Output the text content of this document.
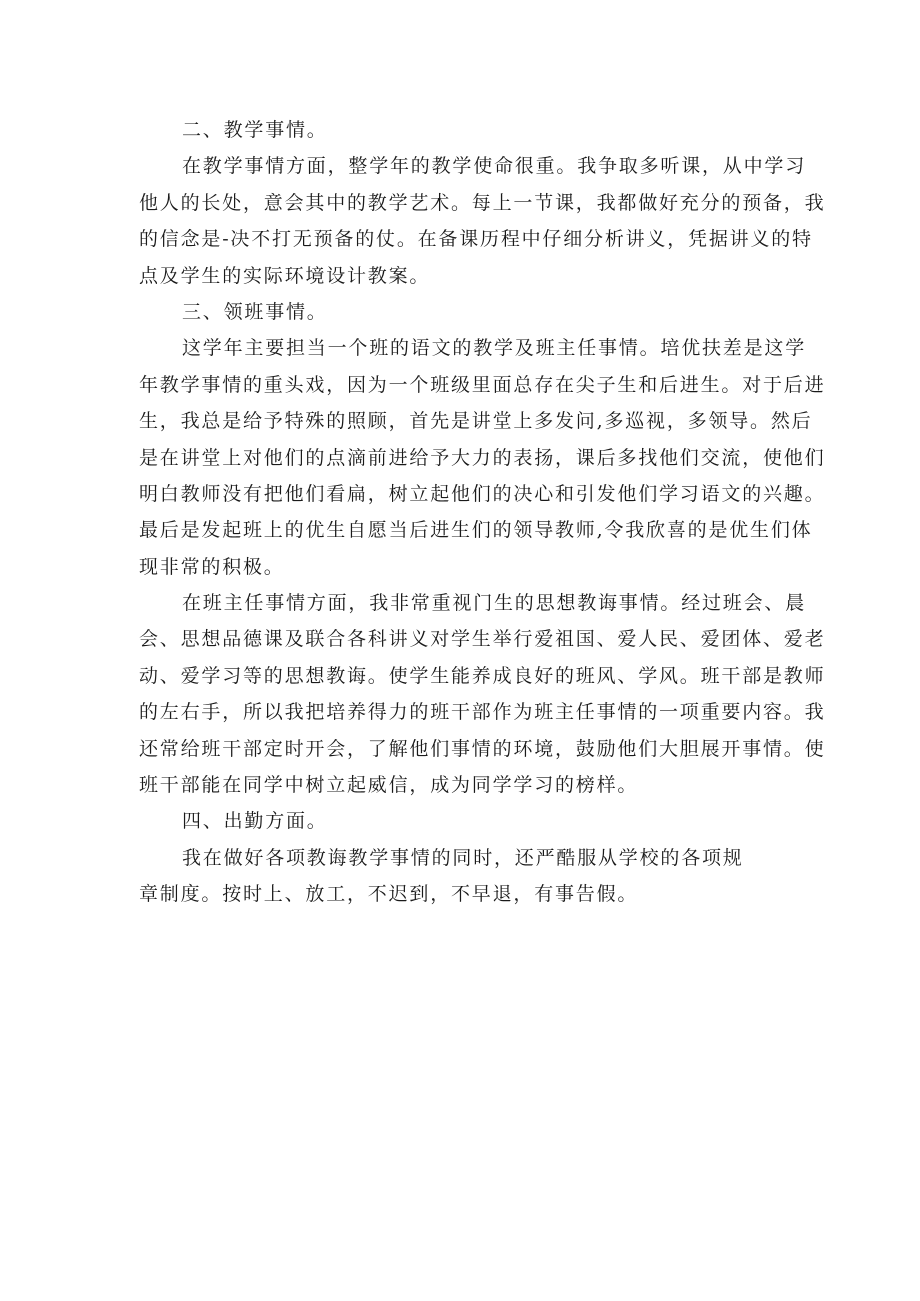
二、教学事情。
在教学事情方面，整学年的教学使命很重。我争取多听课，从中学习
他人的长处，意会其中的教学艺术。每上一节课，我都做好充分的预备，我
的信念是-决不打无预备的仗。在备课历程中仔细分析讲义，凭据讲义的特
点及学生的实际环境设计教案。
三、领班事情。
这学年主要担当一个班的语文的教学及班主任事情。培优扶差是这学
年教学事情的重头戏，因为一个班级里面总存在尖子生和后进生。对于后进
生，我总是给予特殊的照顾，首先是讲堂上多发问,多巡视，多领导。然后
是在讲堂上对他们的点滴前进给予大力的表扬，课后多找他们交流，使他们
明白教师没有把他们看扁，树立起他们的决心和引发他们学习语文的兴趣。
最后是发起班上的优生自愿当后进生们的领导教师,令我欣喜的是优生们体
现非常的积极。
在班主任事情方面，我非常重视门生的思想教诲事情。经过班会、晨
会、思想品德课及联合各科讲义对学生举行爱祖国、爱人民、爱团体、爱老
动、爱学习等的思想教诲。使学生能养成良好的班风、学风。班干部是教师
的左右手，所以我把培养得力的班干部作为班主任事情的一项重要内容。我
还常给班干部定时开会，了解他们事情的环境，鼓励他们大胆展开事情。使
班干部能在同学中树立起威信，成为同学学习的榜样。
四、出勤方面。
我在做好各项教诲教学事情的同时，还严酷服从学校的各项规
章制度。按时上、放工，不迟到，不早退，有事告假。
